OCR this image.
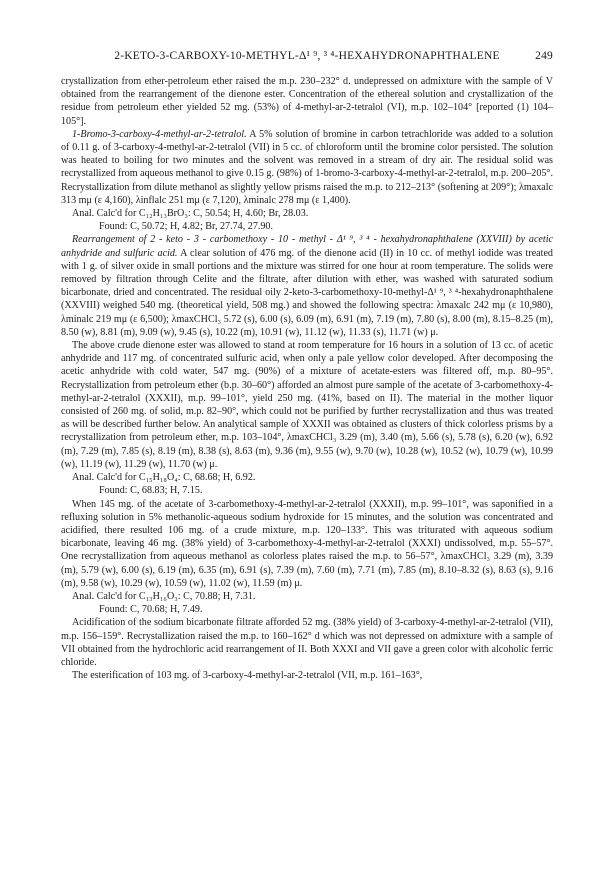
2-KETO-3-CARBOXY-10-METHYL-Δ¹ ⁹, ³ ⁴-HEXAHYDRONAPHTHALENE	249

crystallization from ether-petroleum ether raised the m.p. 230–232° d. undepressed on admixture with the sample of V obtained from the rearrangement of the dienone ester. Concentration of the ethereal solution and crystallization of the residue from petroleum ether yielded 52 mg. (53%) of 4-methyl-ar-2-tetralol (VI), m.p. 102–104° [reported (1) 104–105°].

1-Bromo-3-carboxy-4-methyl-ar-2-tetralol. A 5% solution of bromine in carbon tetrachloride was added to a solution of 0.11 g. of 3-carboxy-4-methyl-ar-2-tetralol (VII) in 5 cc. of chloroform until the bromine color persisted. The solution was heated to boiling for two minutes and the solvent was removed in a stream of dry air. The residual solid was recrystallized from aqueous methanol to give 0.15 g. (98%) of 1-bromo-3-carboxy-4-methyl-ar-2-tetralol, m.p. 200–205°. Recrystallization from dilute methanol as slightly yellow prisms raised the m.p. to 212–213° (softening at 209°); λmaxalc 313 mμ (ε 4,160), λinflalc 251 mμ (ε 7,120), λminalc 278 mμ (ε 1,400).

Anal. Calc'd for C₁₂H₁₃BrO₃: C, 50.54; H, 4.60; Br, 28.03.

Found: C, 50.72; H, 4.82; Br, 27.74, 27.90.

Rearrangement of 2 - keto - 3 - carbomethoxy - 10 - methyl - Δ¹ ⁹, ³ ⁴ - hexahydronaphthalene (XXVIII) by acetic anhydride and sulfuric acid. A clear solution of 476 mg. of the dienone acid (II) in 10 cc. of methyl iodide was treated with 1 g. of silver oxide in small portions and the mixture was stirred for one hour at room temperature. The solids were removed by filtration through Celite and the filtrate, after dilution with ether, was washed with saturated sodium bicarbonate, dried and concentrated. The residual oily 2-keto-3-carbomethoxy-10-methyl-Δ¹ ⁹, ³ ⁴-hexahydronaphthalene (XXVIII) weighed 540 mg. (theoretical yield, 508 mg.) and showed the following spectra: λmaxalc 242 mμ (ε 10,980), λminalc 219 mμ (ε 6,500); λmaxCHCl₃ 5.72 (s), 6.00 (s), 6.09 (m), 6.91 (m), 7.19 (m), 7.80 (s), 8.00 (m), 8.15–8.25 (m), 8.50 (w), 8.81 (m), 9.09 (w), 9.45 (s), 10.22 (m), 10.91 (w), 11.12 (w), 11.33 (s), 11.71 (w) μ.

The above crude dienone ester was allowed to stand at room temperature for 16 hours in a solution of 13 cc. of acetic anhydride and 117 mg. of concentrated sulfuric acid, when only a pale yellow color developed. After decomposing the acetic anhydride with cold water, 547 mg. (90%) of a mixture of acetate-esters was filtered off, m.p. 80–95°. Recrystallization from petroleum ether (b.p. 30–60°) afforded an almost pure sample of the acetate of 3-carbomethoxy-4-methyl-ar-2-tetralol (XXXII), m.p. 99–101°, yield 250 mg. (41%, based on II). The material in the mother liquor consisted of 260 mg. of solid, m.p. 82–90°, which could not be purified by further recrystallization and thus was treated as will be described further below. An analytical sample of XXXII was obtained as clusters of thick colorless prisms by a recrystallization from petroleum ether, m.p. 103–104°, λmaxCHCl₃ 3.29 (m), 3.40 (m), 5.66 (s), 5.78 (s), 6.20 (w), 6.92 (m), 7.29 (m), 7.85 (s), 8.19 (m), 8.38 (s), 8.63 (m), 9.36 (m), 9.55 (w), 9.70 (w), 10.28 (w), 10.52 (w), 10.79 (w), 10.99 (w), 11.19 (w), 11.29 (w), 11.70 (w) μ.

Anal. Calc'd for C₁₅H₁₈O₄: C, 68.68; H, 6.92.

Found: C, 68.83; H, 7.15.

When 145 mg. of the acetate of 3-carbomethoxy-4-methyl-ar-2-tetralol (XXXII), m.p. 99–101°, was saponified in a refluxing solution in 5% methanolic-aqueous sodium hydroxide for 15 minutes, and the solution was concentrated and acidified, there resulted 106 mg. of a crude mixture, m.p. 120–133°. This was triturated with aqueous sodium bicarbonate, leaving 46 mg. (38% yield) of 3-carbomethoxy-4-methyl-ar-2-tetralol (XXXI) undissolved, m.p. 55–57°. One recrystallization from aqueous methanol as colorless plates raised the m.p. to 56–57°, λmaxCHCl₃ 3.29 (m), 3.39 (m), 5.79 (w), 6.00 (s), 6.19 (m), 6.35 (m), 6.91 (s), 7.39 (m), 7.60 (m), 7.71 (m), 7.85 (m), 8.10–8.32 (s), 8.63 (s), 9.16 (m), 9.58 (w), 10.29 (w), 10.59 (w), 11.02 (w), 11.59 (m) μ.

Anal. Calc'd for C₁₃H₁₆O₃: C, 70.88; H, 7.31.

Found: C, 70.68; H, 7.49.

Acidification of the sodium bicarbonate filtrate afforded 52 mg. (38% yield) of 3-carboxy-4-methyl-ar-2-tetralol (VII), m.p. 156–159°. Recrystallization raised the m.p. to 160–162° d which was not depressed on admixture with a sample of VII obtained from the hydrochloric acid rearrangement of II. Both XXXI and VII gave a green color with alcoholic ferric chloride.

The esterification of 103 mg. of 3-carboxy-4-methyl-ar-2-tetralol (VII, m.p. 161–163°,
